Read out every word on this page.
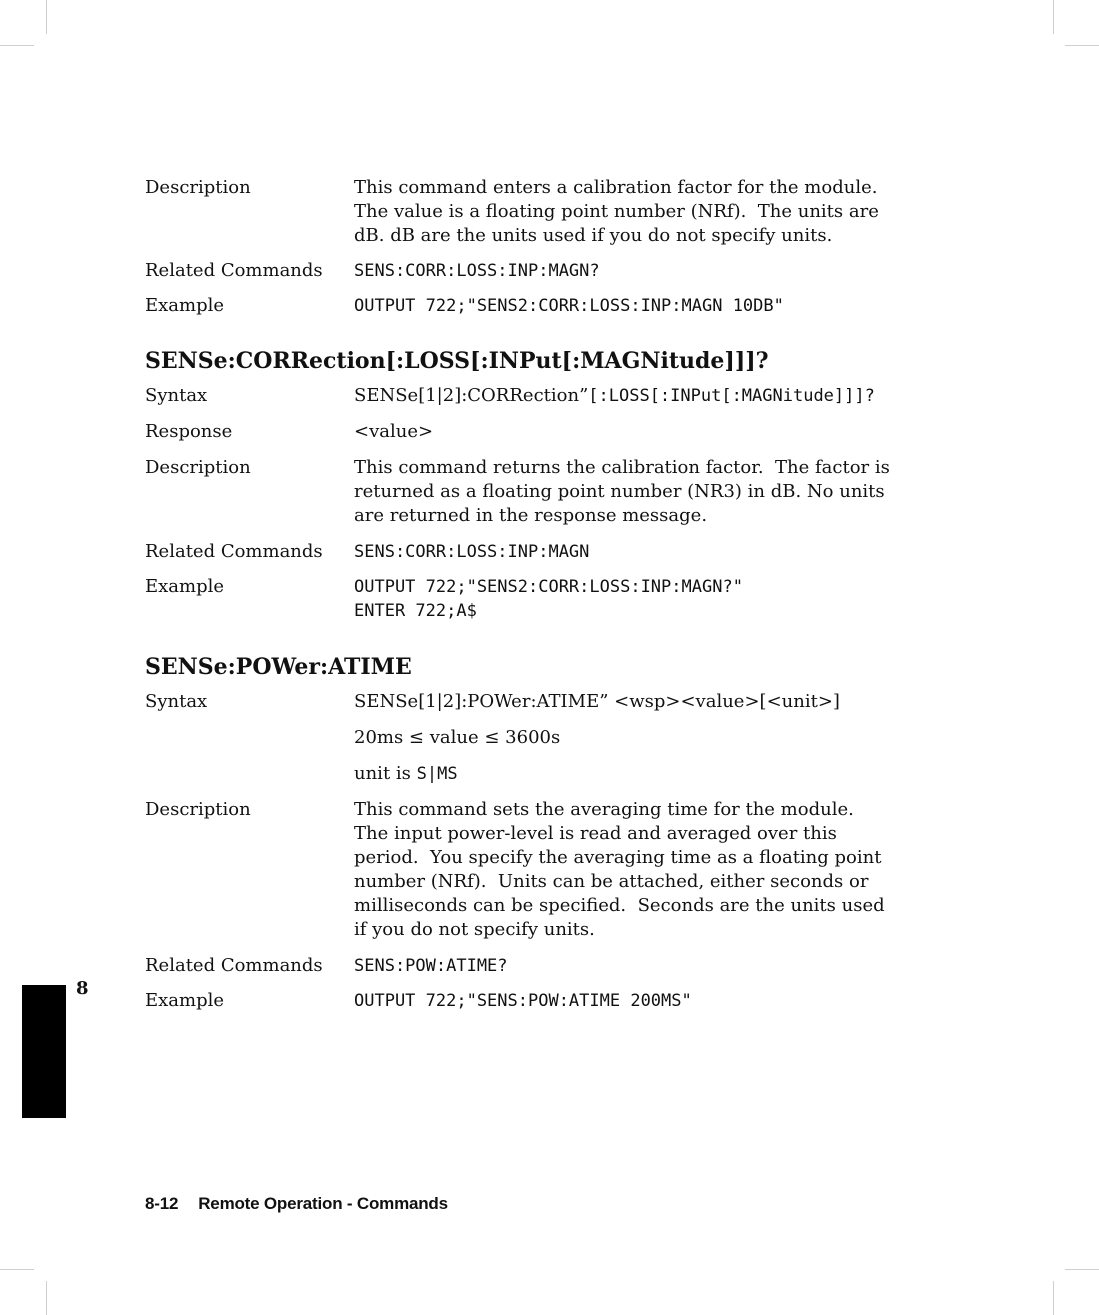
Description	This command enters a calibration factor for the module.
The value is a floating point number (NRf).  The units are
dB. dB are the units used if you do not specify units.
Related Commands	SENS:CORR:LOSS:INP:MAGN?
Example	OUTPUT 722;"SENS2:CORR:LOSS:INP:MAGN 10DB"
SENSe:CORRection[:LOSS[:INPut[:MAGNitude]]]?
Syntax	SENSe[1|2]:CORRection”[:LOSS[:INPut[:MAGNitude]]]?
Response	<value>
Description	This command returns the calibration factor.  The factor is
returned as a floating point number (NR3) in dB. No units
are returned in the response message.
Related Commands	SENS:CORR:LOSS:INP:MAGN
Example	OUTPUT 722;"SENS2:CORR:LOSS:INP:MAGN?"
ENTER 722;A$
SENSe:POWer:ATIME
Syntax	SENSe[1|2]:POWer:ATIME” <wsp><value>[<unit>]
20ms ≤ value ≤ 3600s
unit is S|MS
Description	This command sets the averaging time for the module.
The input power-level is read and averaged over this
period.  You specify the averaging time as a floating point
number (NRf).  Units can be attached, either seconds or
milliseconds can be specified.  Seconds are the units used
if you do not specify units.
Related Commands	SENS:POW:ATIME?
Example	OUTPUT 722;"SENS:POW:ATIME 200MS"
8
8-12 Remote Operation - Commands
